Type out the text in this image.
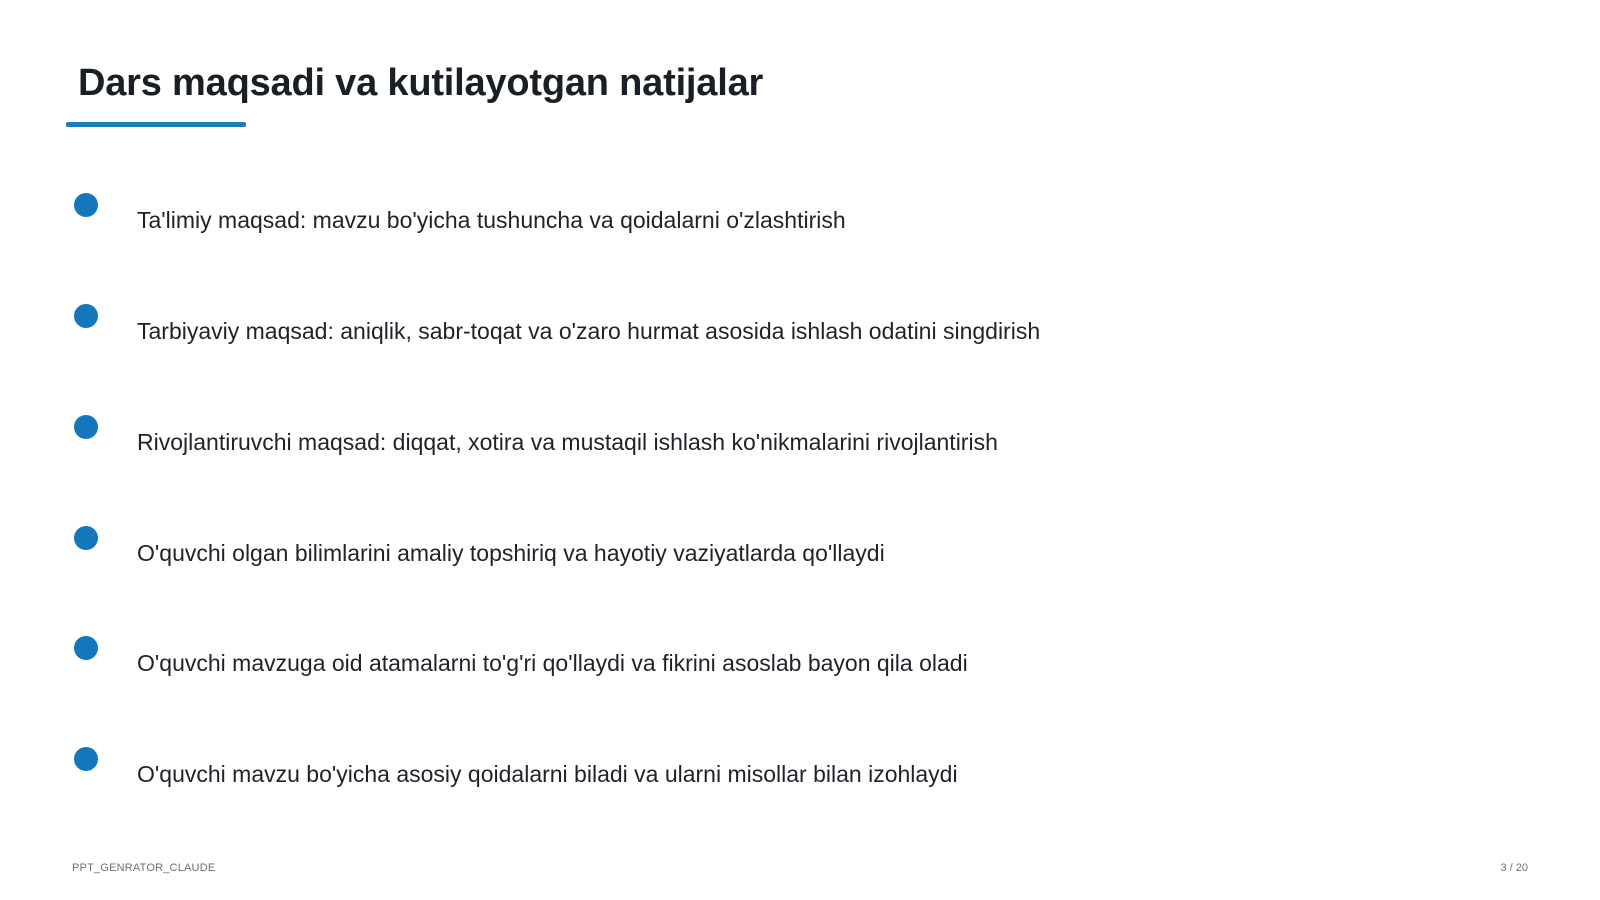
Dars maqsadi va kutilayotgan natijalar
Ta'limiy maqsad: mavzu bo'yicha tushuncha va qoidalarni o'zlashtirish
Tarbiyaviy maqsad: aniqlik, sabr-toqat va o'zaro hurmat asosida ishlash odatini singdirish
Rivojlantiruvchi maqsad: diqqat, xotira va mustaqil ishlash ko'nikmalarini rivojlantirish
O'quvchi olgan bilimlarini amaliy topshiriq va hayotiy vaziyatlarda qo'llaydi
O'quvchi mavzuga oid atamalarni to'g'ri qo'llaydi va fikrini asoslab bayon qila oladi
O'quvchi mavzu bo'yicha asosiy qoidalarni biladi va ularni misollar bilan izohlaydi
PPT_GENRATOR_CLAUDE	3 / 20
